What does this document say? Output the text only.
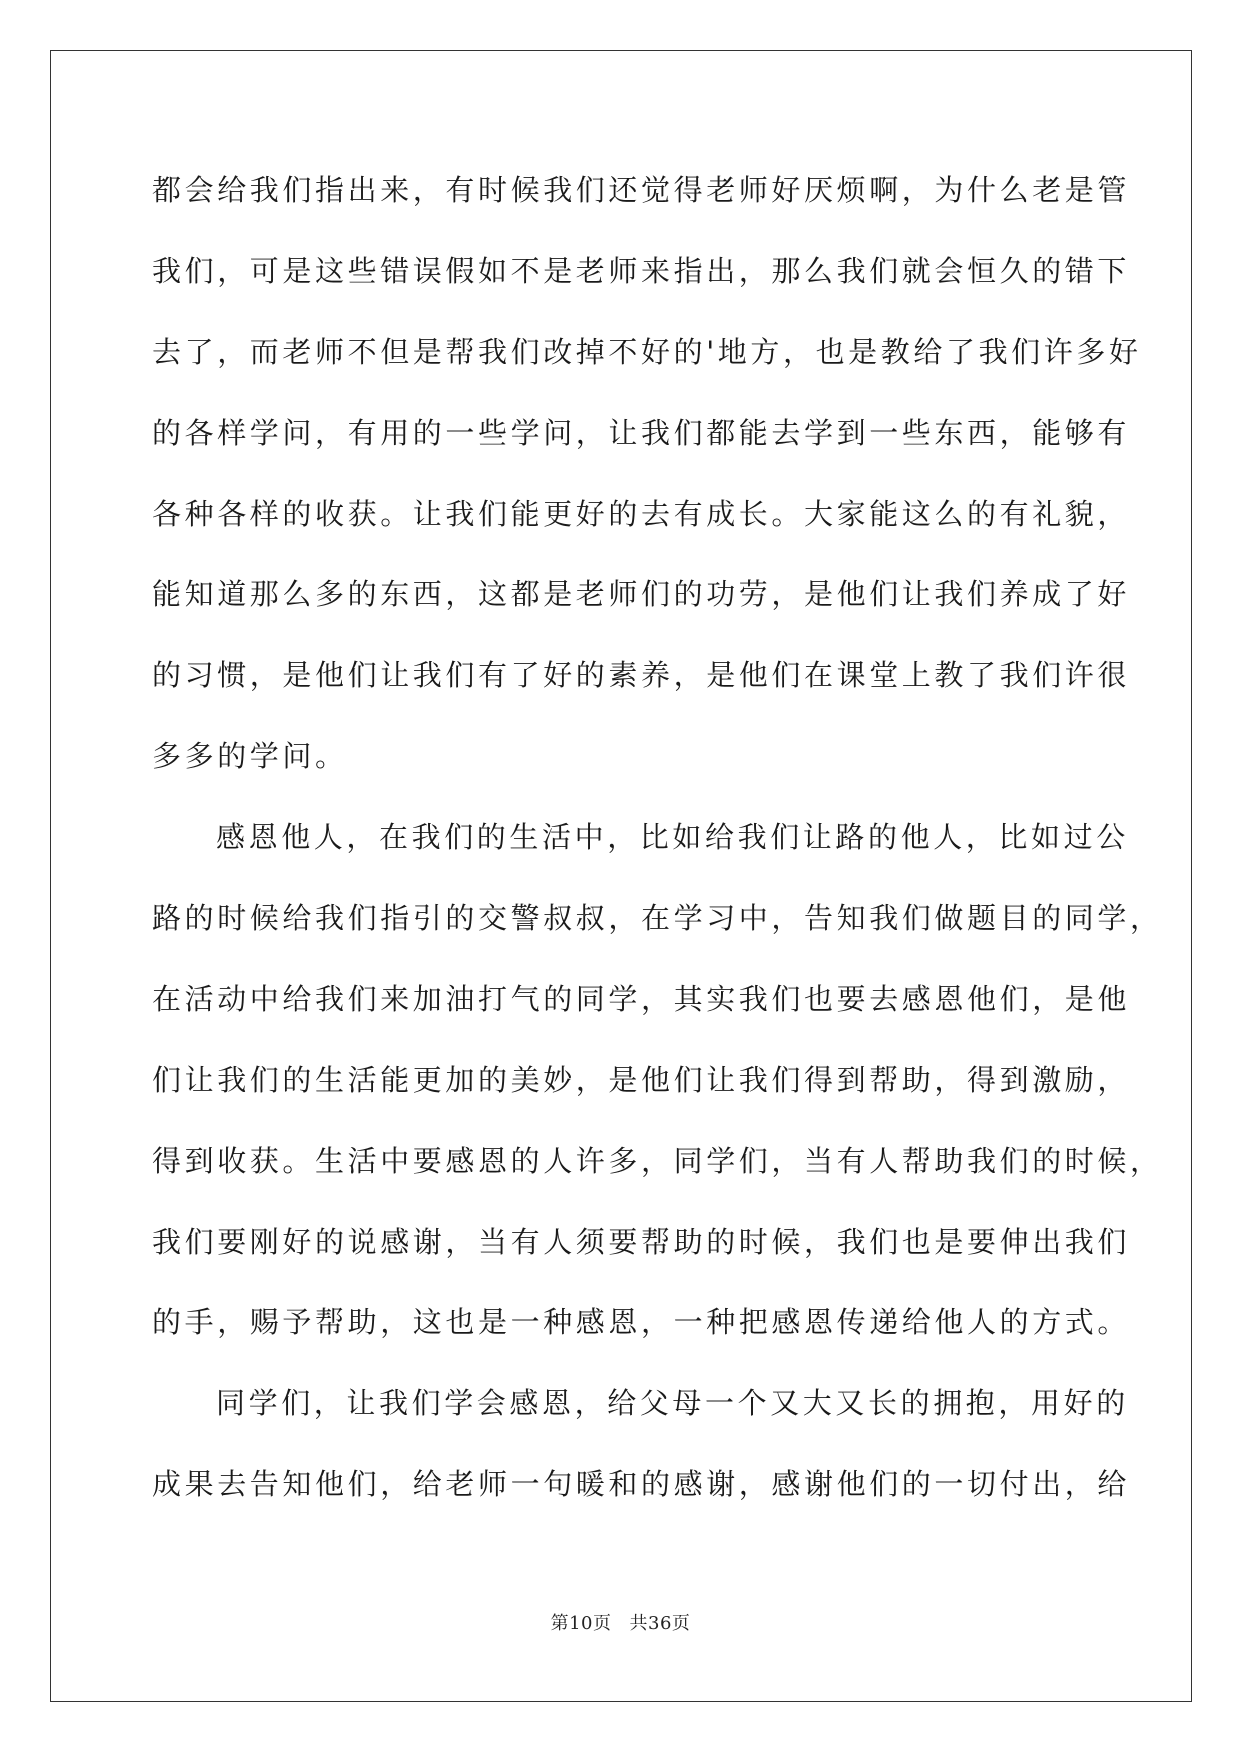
都会给我们指出来，有时候我们还觉得老师好厌烦啊，为什么老是管
我们，可是这些错误假如不是老师来指出，那么我们就会恒久的错下
去了，而老师不但是帮我们改掉不好的'地方，也是教给了我们许多好
的各样学问，有用的一些学问，让我们都能去学到一些东西，能够有
各种各样的收获。让我们能更好的去有成长。大家能这么的有礼貌，
能知道那么多的东西，这都是老师们的功劳，是他们让我们养成了好
的习惯，是他们让我们有了好的素养，是他们在课堂上教了我们许很
多多的学问。
感恩他人，在我们的生活中，比如给我们让路的他人，比如过公
路的时候给我们指引的交警叔叔，在学习中，告知我们做题目的同学，
在活动中给我们来加油打气的同学，其实我们也要去感恩他们，是他
们让我们的生活能更加的美妙，是他们让我们得到帮助，得到激励，
得到收获。生活中要感恩的人许多，同学们，当有人帮助我们的时候，
我们要刚好的说感谢，当有人须要帮助的时候，我们也是要伸出我们
的手，赐予帮助，这也是一种感恩，一种把感恩传递给他人的方式。
同学们，让我们学会感恩，给父母一个又大又长的拥抱，用好的
成果去告知他们，给老师一句暖和的感谢，感谢他们的一切付出，给
第10页 共36页
